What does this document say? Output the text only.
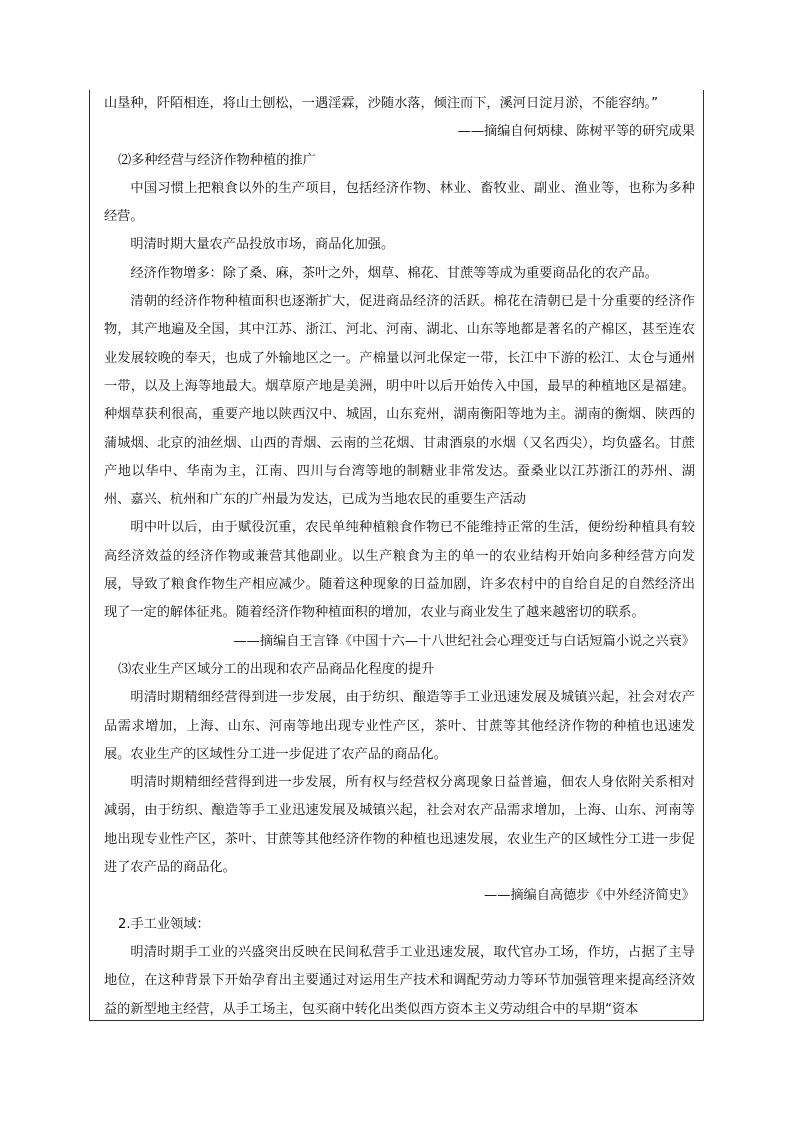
山垦种，阡陌相连，将山土刨松，一遇淫霖，沙随水落，倾注而下，溪河日淀月淤，不能容纳。”
——摘编自何炳棣、陈树平等的研究成果
⑵多种经营与经济作物种植的推广
中国习惯上把粮食以外的生产项目，包括经济作物、林业、畜牧业、副业、渔业等，也称为多种经营。
明清时期大量农产品投放市场，商品化加强。
经济作物增多：除了桑、麻，茶叶之外，烟草、棉花、甘蔗等等成为重要商品化的农产品。
清朝的经济作物种植面积也逐渐扩大，促进商品经济的活跃。棉花在清朝已是十分重要的经济作物，其产地遍及全国，其中江苏、浙江、河北、河南、湖北、山东等地都是著名的产棉区，甚至连农业发展较晚的奉天，也成了外输地区之一。产棉量以河北保定一带，长江中下游的松江、太仓与通州一带，以及上海等地最大。烟草原产地是美洲，明中叶以后开始传入中国，最早的种植地区是福建。种烟草获利很高，重要产地以陕西汉中、城固，山东兖州，湖南衡阳等地为主。湖南的衡烟、陕西的蒲城烟、北京的油丝烟、山西的青烟、云南的兰花烟、甘肃酒泉的水烟（又名西尖），均负盛名。甘蔗产地以华中、华南为主，江南、四川与台湾等地的制糖业非常发达。蚕桑业以江苏浙江的苏州、湖州、嘉兴、杭州和广东的广州最为发达，已成为当地农民的重要生产活动
明中叶以后，由于赋役沉重，农民单纯种植粮食作物已不能维持正常的生活，便纷纷种植具有较高经济效益的经济作物或兼营其他副业。以生产粮食为主的单一的农业结构开始向多种经营方向发展，导致了粮食作物生产相应减少。随着这种现象的日益加剧，许多农村中的自给自足的自然经济出现了一定的解体征兆。随着经济作物种植面积的增加，农业与商业发生了越来越密切的联系。
——摘编自王言锋《中国十六—十八世纪社会心理变迁与白话短篇小说之兴衰》
⑶农业生产区域分工的出现和农产品商品化程度的提升
明清时期精细经营得到进一步发展，由于纺织、酿造等手工业迅速发展及城镇兴起，社会对农产品需求增加，上海、山东、河南等地出现专业性产区，茶叶、甘蔗等其他经济作物的种植也迅速发展。农业生产的区域性分工进一步促进了农产品的商品化。
明清时期精细经营得到进一步发展，所有权与经营权分离现象日益普遍，佃农人身依附关系相对减弱，由于纺织、酿造等手工业迅速发展及城镇兴起，社会对农产品需求增加，上海、山东、河南等地出现专业性产区，茶叶、甘蔗等其他经济作物的种植也迅速发展，农业生产的区域性分工进一步促进了农产品的商品化。
——摘编自高德步《中外经济简史》
2.手工业领域：
明清时期手工业的兴盛突出反映在民间私营手工业迅速发展，取代官办工场，作坊，占据了主导地位，在这种背景下开始孕育出主要通过对运用生产技术和调配劳动力等环节加强管理来提高经济效益的新型地主经营，从手工场主，包买商中转化出类似西方资本主义劳动组合中的早期“资本
